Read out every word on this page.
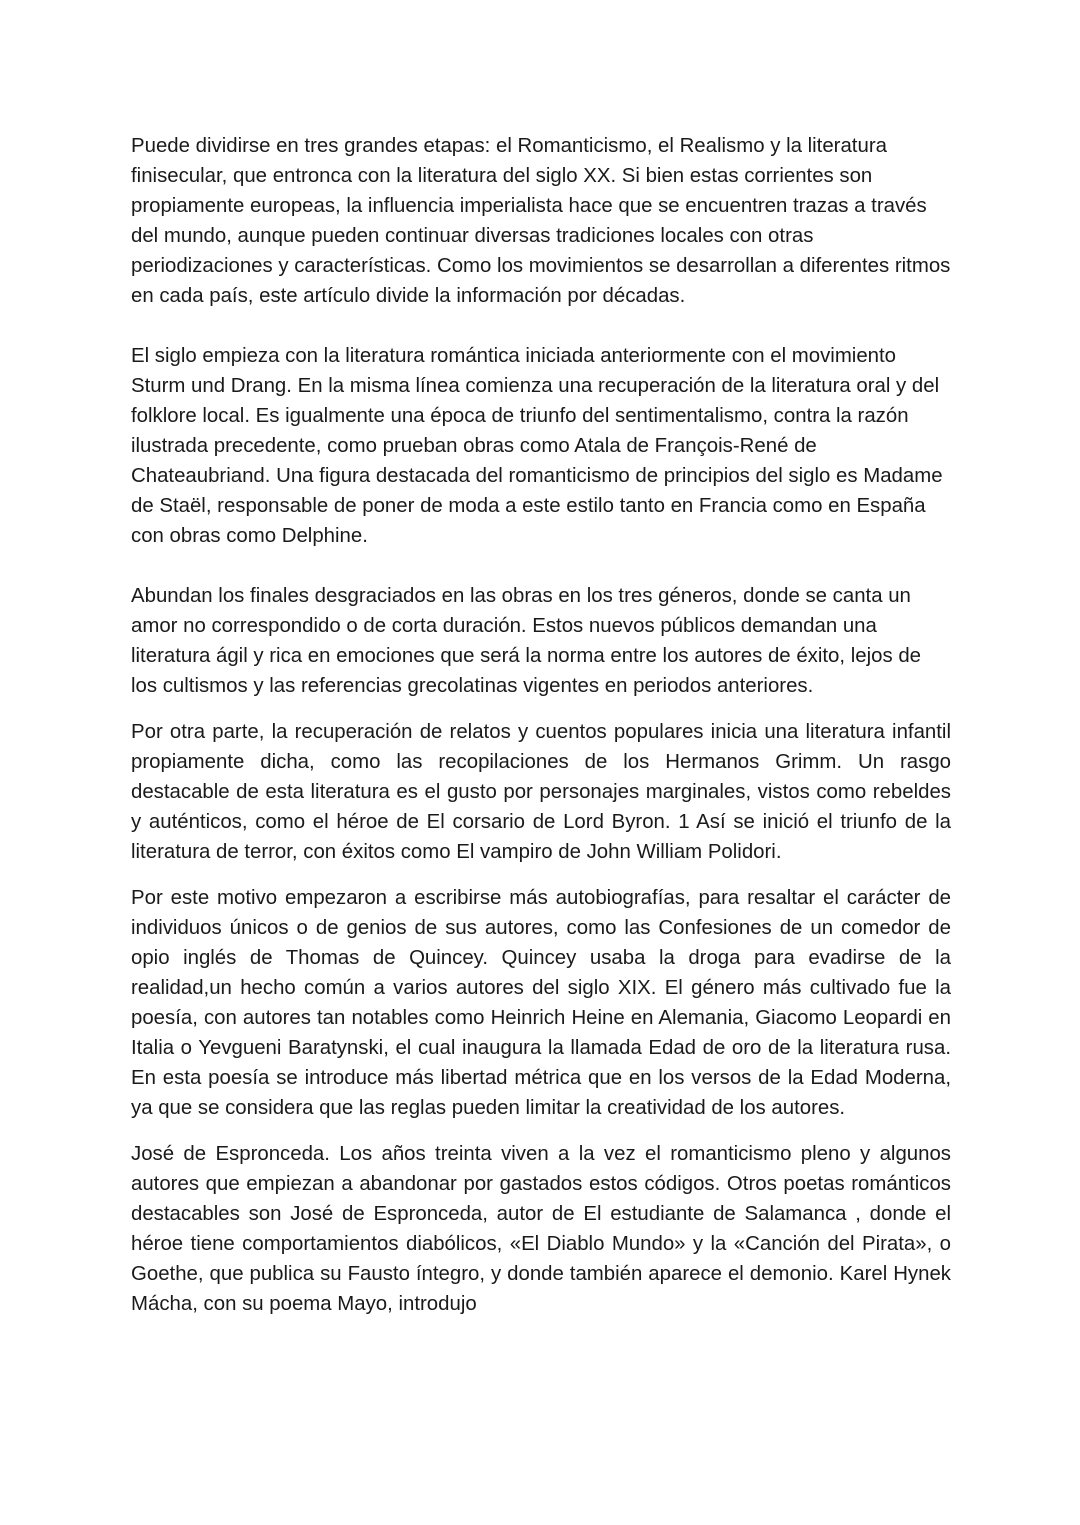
Puede dividirse en tres grandes etapas: el Romanticismo, el Realismo y la literatura finisecular, que entronca con la literatura del siglo XX. Si bien estas corrientes son propiamente europeas, la influencia imperialista hace que se encuentren trazas a través del mundo, aunque pueden continuar diversas tradiciones locales con otras periodizaciones y características. Como los movimientos se desarrollan a diferentes ritmos en cada país, este artículo divide la información por décadas.

El siglo empieza con la literatura romántica iniciada anteriormente con el movimiento Sturm und Drang. En la misma línea comienza una recuperación de la literatura oral y del folklore local. Es igualmente una época de triunfo del sentimentalismo, contra la razón ilustrada precedente, como prueban obras como Atala de François-René de Chateaubriand. Una figura destacada del romanticismo de principios del siglo es Madame de Staël, responsable de poner de moda a este estilo tanto en Francia como en España con obras como Delphine.

Abundan los finales desgraciados en las obras en los tres géneros, donde se canta un amor no correspondido o de corta duración. Estos nuevos públicos demandan una literatura ágil y rica en emociones que será la norma entre los autores de éxito, lejos de los cultismos y las referencias grecolatinas vigentes en periodos anteriores.

Por otra parte, la recuperación de relatos y cuentos populares inicia una literatura infantil propiamente dicha, como las recopilaciones de los Hermanos Grimm. Un rasgo destacable de esta literatura es el gusto por personajes marginales, vistos como rebeldes y auténticos, como el héroe de El corsario de Lord Byron. 1 Así se inició el triunfo de la literatura de terror, con éxitos como El vampiro de John William Polidori.

Por este motivo empezaron a escribirse más autobiografías, para resaltar el carácter de individuos únicos o de genios de sus autores, como las Confesiones de un comedor de opio inglés de Thomas de Quincey. Quincey usaba la droga para evadirse de la realidad,un hecho común a varios autores del siglo XIX. El género más cultivado fue la poesía, con autores tan notables como Heinrich Heine en Alemania, Giacomo Leopardi en Italia o Yevgueni Baratynski, el cual inaugura la llamada Edad de oro de la literatura rusa. En esta poesía se introduce más libertad métrica que en los versos de la Edad Moderna, ya que se considera que las reglas pueden limitar la creatividad de los autores.

José de Espronceda. Los años treinta viven a la vez el romanticismo pleno y algunos autores que empiezan a abandonar por gastados estos códigos. Otros poetas románticos destacables son José de Espronceda, autor de El estudiante de Salamanca , donde el héroe tiene comportamientos diabólicos, «El Diablo Mundo» y la «Canción del Pirata», o Goethe, que publica su Fausto íntegro, y donde también aparece el demonio. Karel Hynek Mácha, con su poema Mayo, introdujo
